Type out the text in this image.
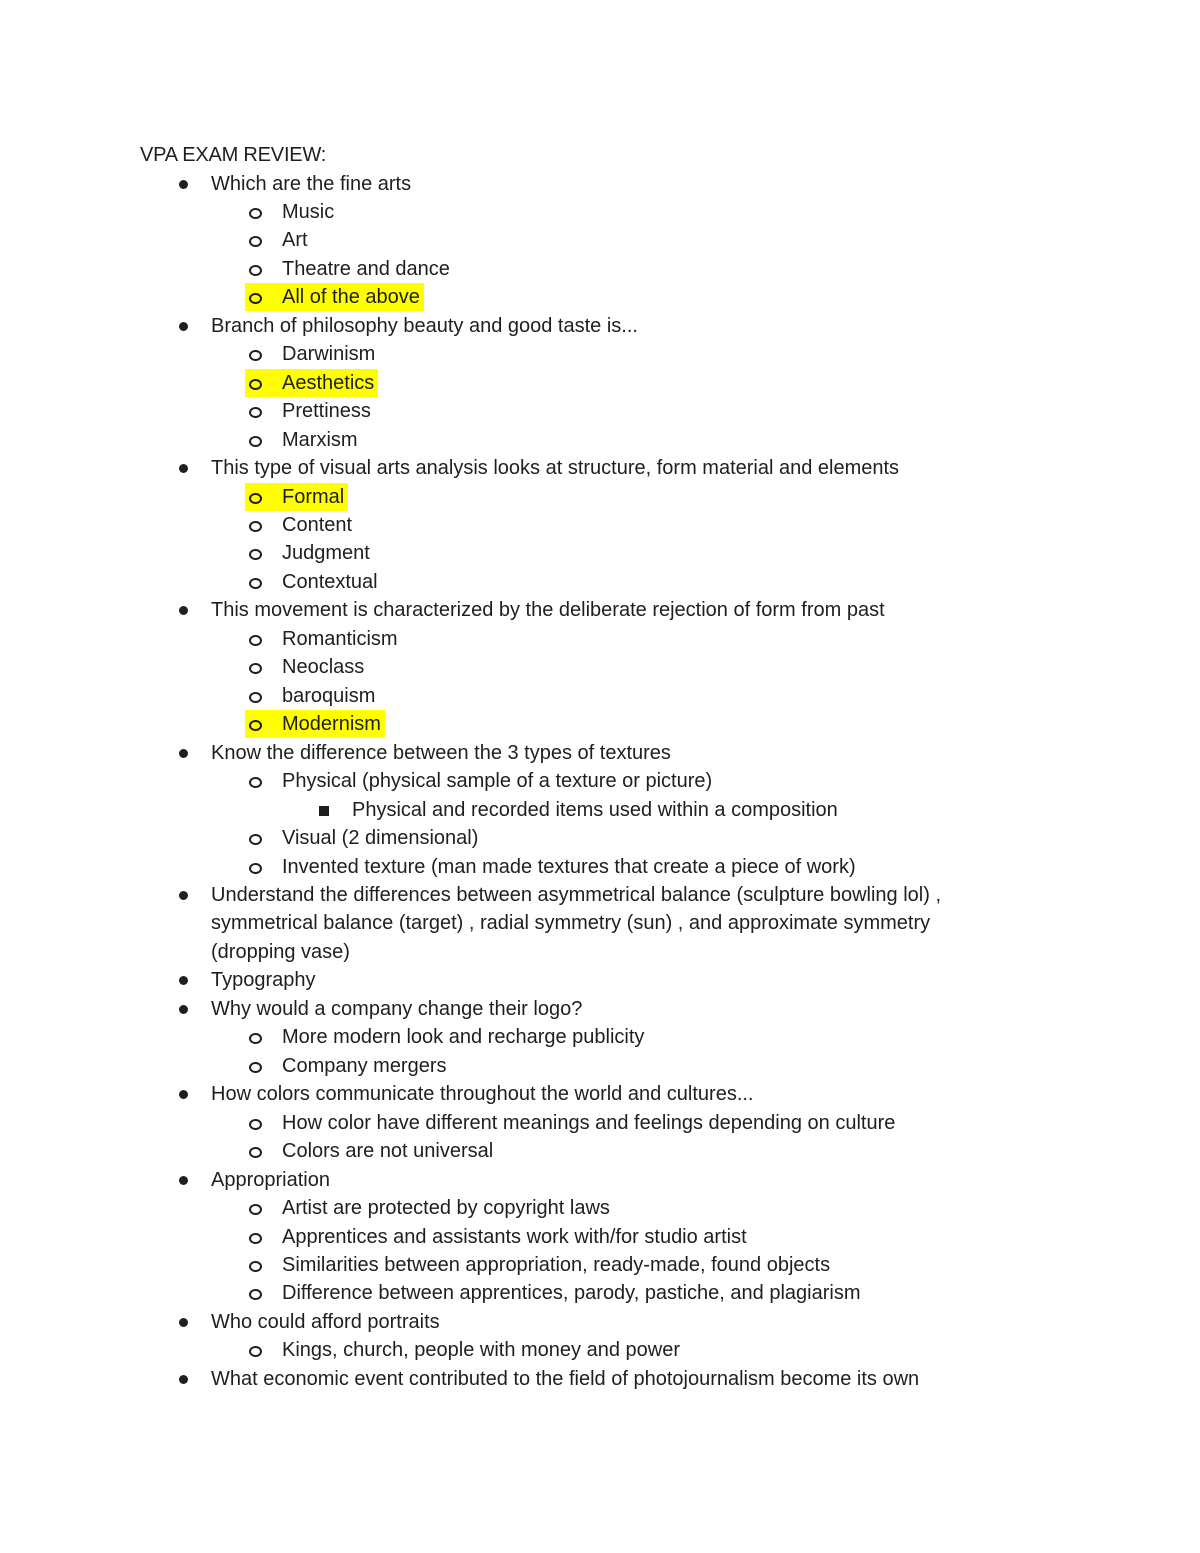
VPA EXAM REVIEW:
Which are the fine arts
Music
Art
Theatre and dance
All of the above
Branch of philosophy beauty and good taste is...
Darwinism
Aesthetics
Prettiness
Marxism
This type of visual arts analysis looks at structure, form material and elements
Formal
Content
Judgment
Contextual
This movement is characterized by the deliberate rejection of form from past
Romanticism
Neoclass
baroquism
Modernism
Know the difference between the 3 types of textures
Physical (physical sample of a texture or picture)
Physical and recorded items used within a composition
Visual (2 dimensional)
Invented texture (man made textures that create a piece of work)
Understand the differences between asymmetrical balance (sculpture bowling lol) ,
symmetrical balance (target) , radial symmetry (sun) , and approximate symmetry
(dropping vase)
Typography
Why would a company change their logo?
More modern look and recharge publicity
Company mergers
How colors communicate throughout the world and cultures...
How color have different meanings and feelings depending on culture
Colors are not universal
Appropriation
Artist are protected by copyright laws
Apprentices and assistants work with/for studio artist
Similarities between appropriation, ready-made, found objects
Difference between apprentices, parody, pastiche, and plagiarism
Who could afford portraits
Kings, church, people with money and power
What economic event contributed to the field of photojournalism become its own
